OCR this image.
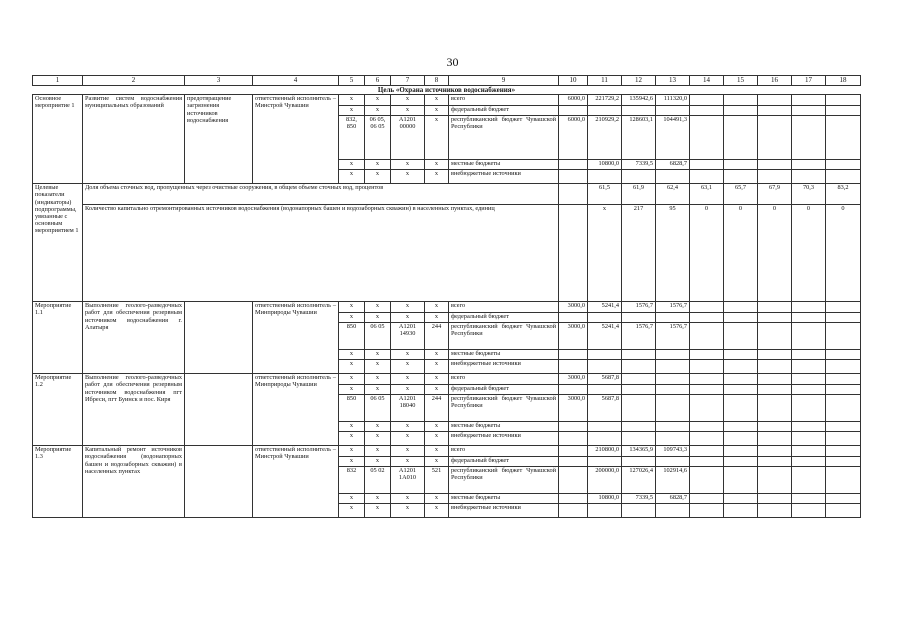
30
1	2	3	4	5	6	7	8	9	10	11	12	13	14	15	16	17	18	
Цель «Охрана источников водоснабжения»																		
Основное мероприятие 1	Развитие систем водоснабжения муниципальных образований	предотвращение загрязнения источников водоснабжения	ответственный исполнитель – Минстрой Чувашии	x	x	x	x	всего	6000,0	221729,2	135942,6	111320,0						
				x	x	x	x	федеральный бюджет										
				832, 850	06 05, 06 05	A1201 00000	x	республиканский бюджет Чувашской Республики	6000,0	210929,2	128603,1	104491,3						
				x	x	x	x	местные бюджеты		10800,0	7339,5	6828,7						
				x	x	x	x	внебюджетные источники										
Целевые показатели (индикаторы) подпрограммы, увязанные с основным мероприятием 1	Доля объема сточных вод, пропущенных через очистные сооружения, в общем объеме сточных вод, процентов									61,5	61,9	62,4	63,1	65,7	67,9	70,3	83,2	
	Количество капитально отремонтированных источников водоснабжения (водонапорных башен и водозаборных скважин) в населенных пунктах, единиц									x	217	95	0	0	0	0	0	
Мероприятие 1.1	Выполнение геолого-разведочных работ для обеспечения резервным источником водоснабжения г. Алатыря		ответственный исполнитель – Минприроды Чувашии	x	x	x	x	всего	3000,0	5241,4	1576,7	1576,7						
				x	x	x	x	федеральный бюджет										
				850	06 05	A1201 14930	244	республиканский бюджет Чувашской Республики	3000,0	5241,4	1576,7	1576,7						
				x	x	x	x	местные бюджеты										
				x	x	x	x	внебюджетные источники										
Мероприятие 1.2	Выполнение геолого-разведочных работ для обеспечения резервным источником водоснабжения пгт Ибреси, пгт Буинск и пос. Киря		ответственный исполнитель – Минприроды Чувашии	x	x	x	x	всего	3000,0	5687,8								
				x	x	x	x	федеральный бюджет										
				850	06 05	A1201 18040	244	республиканский бюджет Чувашской Республики	3000,0	5687,8								
				x	x	x	x	местные бюджеты										
				x	x	x	x	внебюджетные источники										
Мероприятие 1.3	Капитальный ремонт источников водоснабжения (водонапорных башен и водозаборных скважин) в населенных пунктах		ответственный исполнитель – Минстрой Чувашии	x	x	x	x	всего		210800,0	134365,9	109743,3						
				x	x	x	x	федеральный бюджет										
				832	05 02	A1201 1A010	521	республиканский бюджет Чувашской Республики		200000,0	127026,4	102914,6						
				x	x	x	x	местные бюджеты		10800,0	7339,5	6828,7						
				x	x	x	x	внебюджетные источники										
